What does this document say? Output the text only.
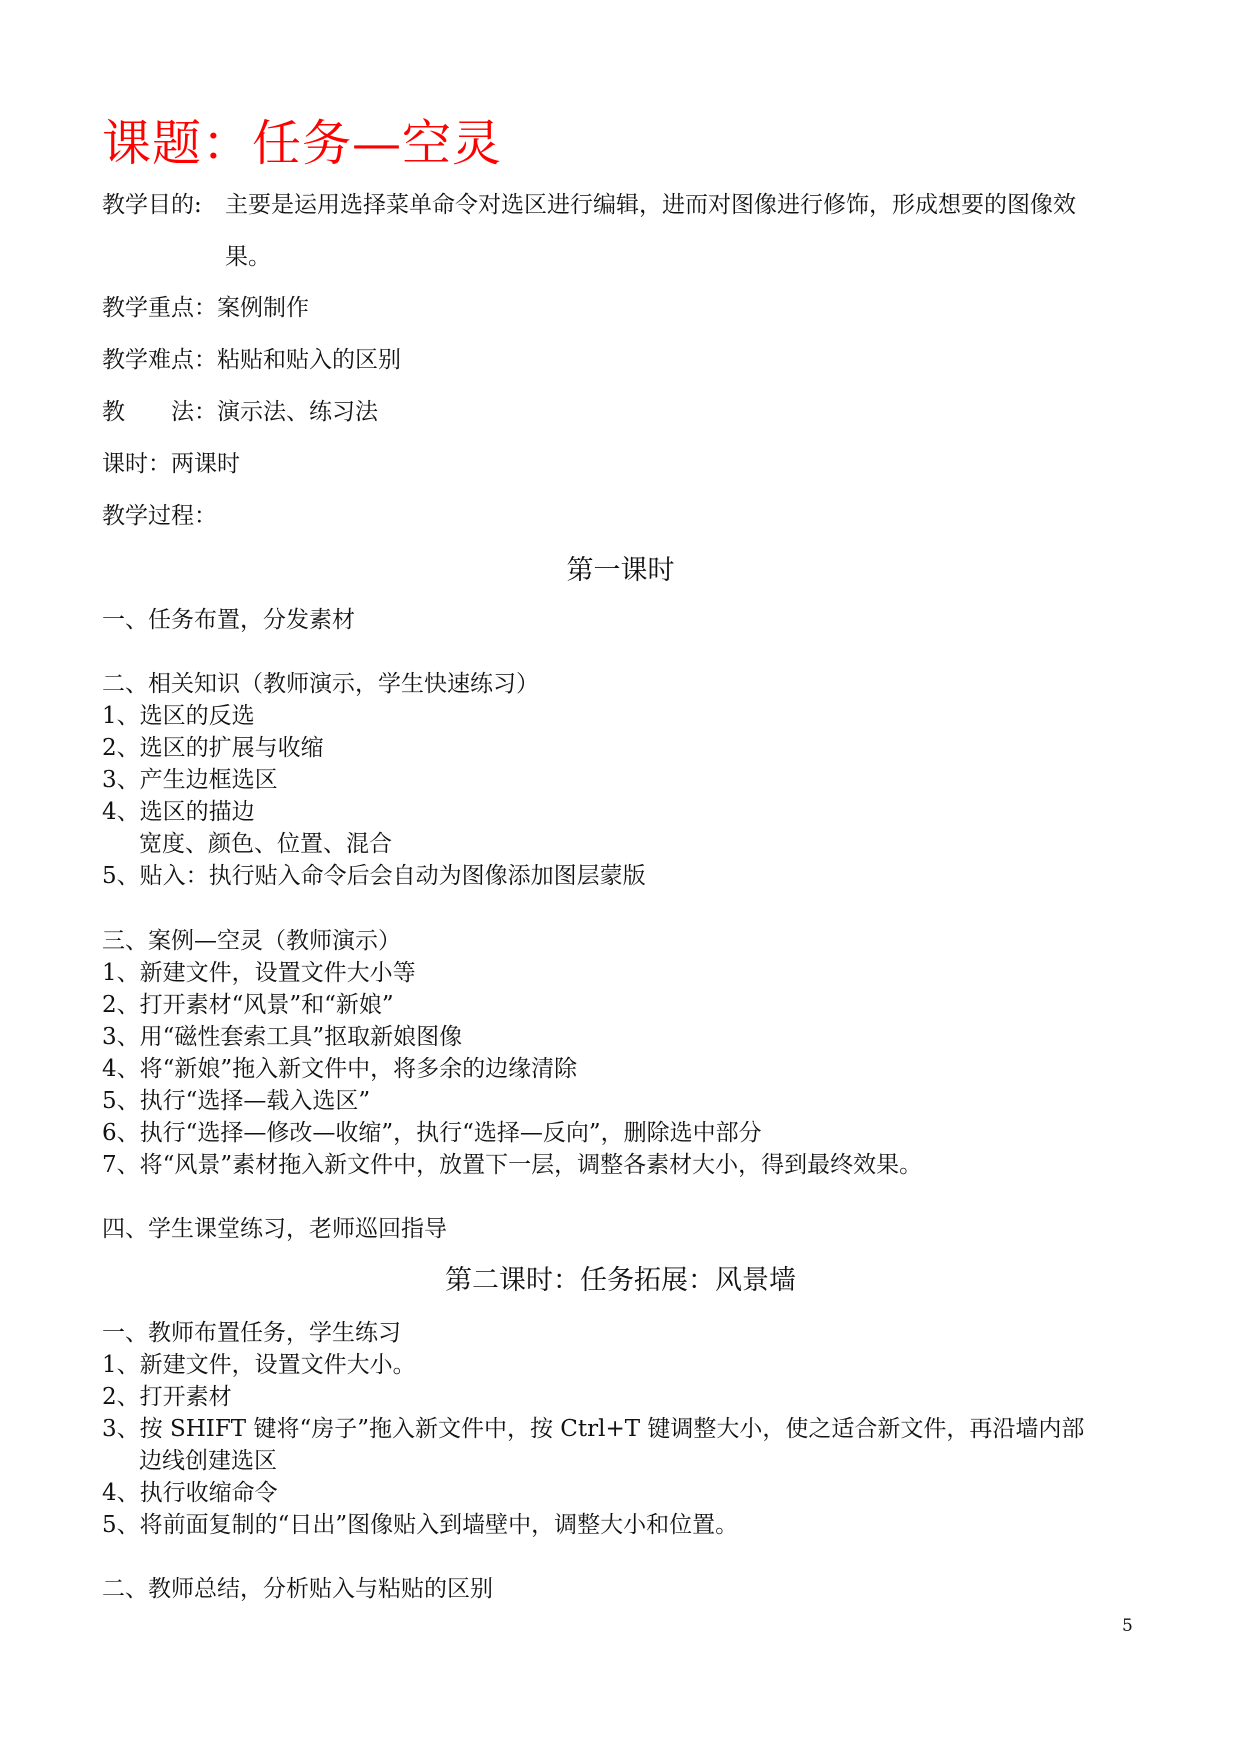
课题：任务—空灵
教学目的: 主要是运用选择菜单命令对选区进行编辑，进而对图像进行修饰，形成想要的图像效
果。
教学重点：案例制作
教学难点：粘贴和贴入的区别
教　　法：演示法、练习法
课时：两课时
教学过程：
第一课时
一、任务布置，分发素材
二、相关知识（教师演示，学生快速练习）
1、选区的反选
2、选区的扩展与收缩
3、产生边框选区
4、选区的描边
宽度、颜色、位置、混合
5、贴入：执行贴入命令后会自动为图像添加图层蒙版
三、案例—空灵（教师演示）
1、新建文件，设置文件大小等
2、打开素材“风景”和“新娘”
3、用“磁性套索工具”抠取新娘图像
4、将“新娘”拖入新文件中，将多余的边缘清除
5、执行“选择—载入选区”
6、执行“选择—修改—收缩”，执行“选择—反向”，删除选中部分
7、将“风景”素材拖入新文件中，放置下一层，调整各素材大小，得到最终效果。
四、学生课堂练习，老师巡回指导
第二课时：任务拓展：风景墙
一、教师布置任务，学生练习
1、新建文件，设置文件大小。
2、打开素材
3、按 SHIFT 键将“房子”拖入新文件中，按 Ctrl+T 键调整大小，使之适合新文件，再沿墙内部
边线创建选区
4、执行收缩命令
5、将前面复制的“日出”图像贴入到墙壁中，调整大小和位置。
二、教师总结，分析贴入与粘贴的区别
5
